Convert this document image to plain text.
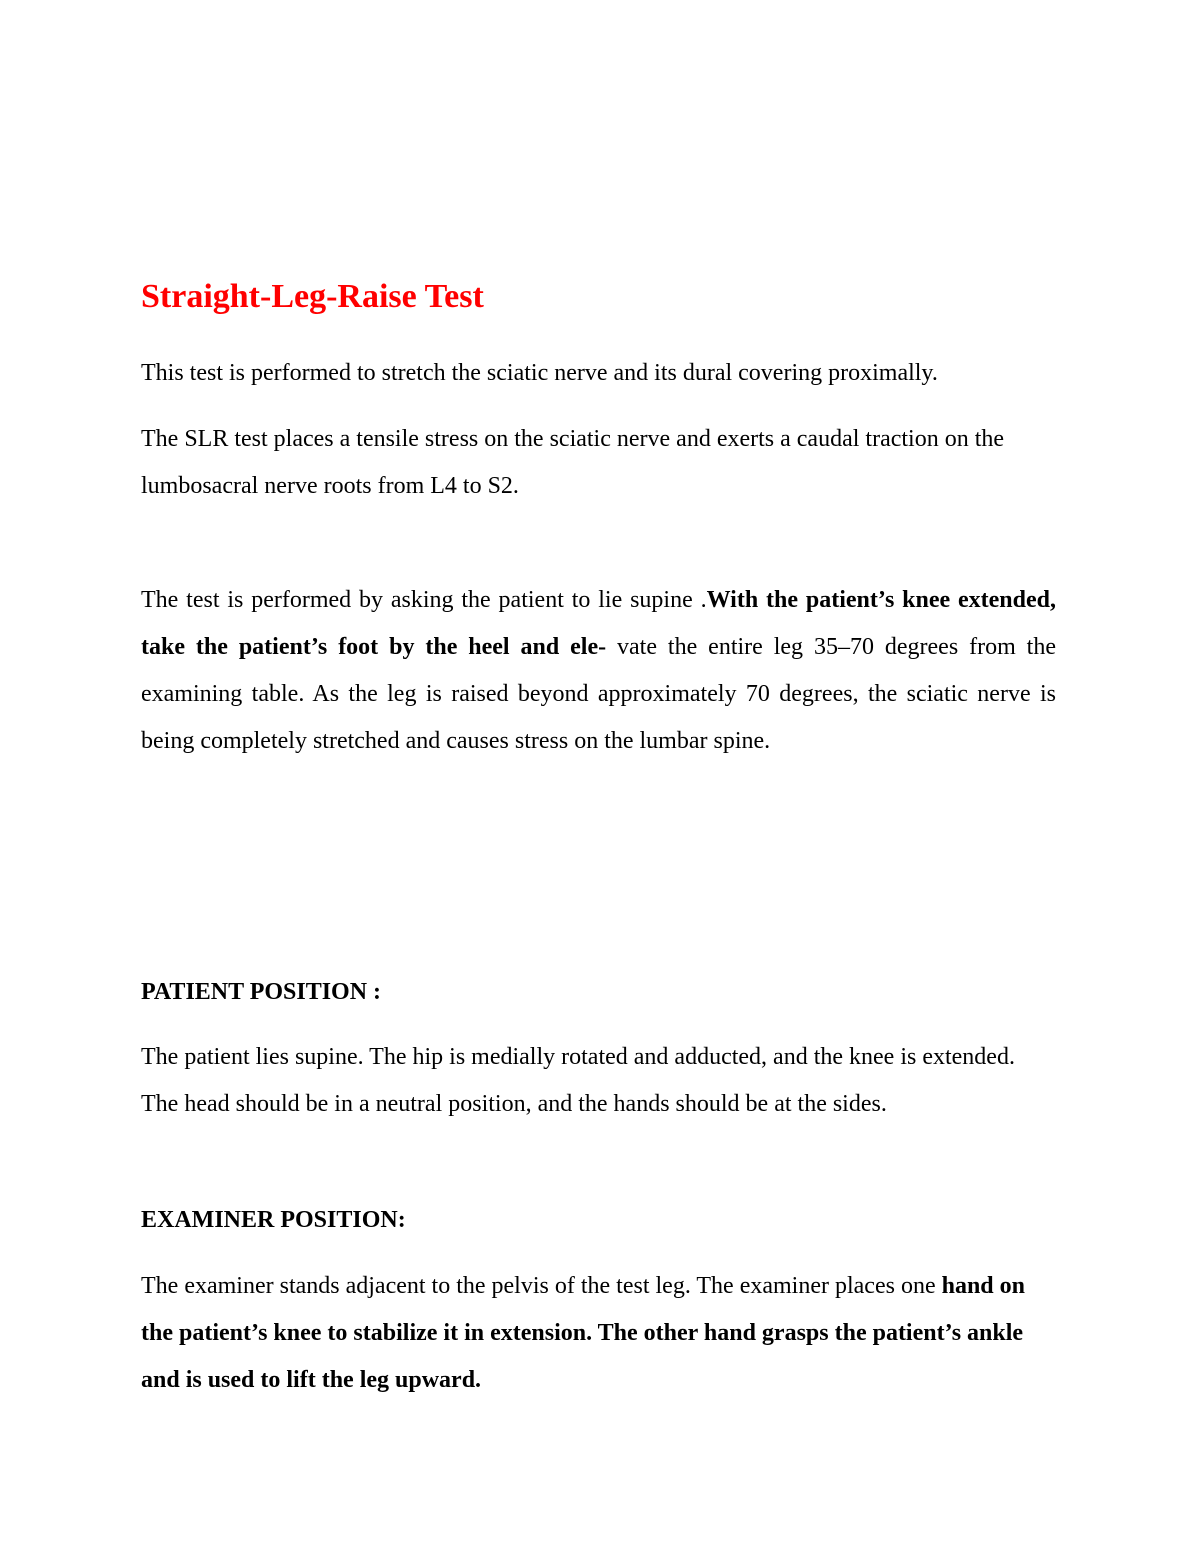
Straight-Leg-Raise Test

This test is performed to stretch the sciatic nerve and its dural covering proximally.

The SLR test places a tensile stress on the sciatic nerve and exerts a caudal traction on the lumbosacral nerve roots from L4 to S2.

The test is performed by asking the patient to lie supine .With the patient’s knee extended, take the patient’s foot by the heel and ele- vate the entire leg 35–70 degrees from the examining table. As the leg is raised beyond approximately 70 degrees, the sciatic nerve is being completely stretched and causes stress on the lumbar spine.

PATIENT POSITION :

The patient lies supine. The hip is medially rotated and adducted, and the knee is extended. The head should be in a neutral position, and the hands should be at the sides.

EXAMINER POSITION:

The examiner stands adjacent to the pelvis of the test leg. The examiner places one hand on the patient’s knee to stabilize it in extension. The other hand grasps the patient’s ankle and is used to lift the leg upward.
